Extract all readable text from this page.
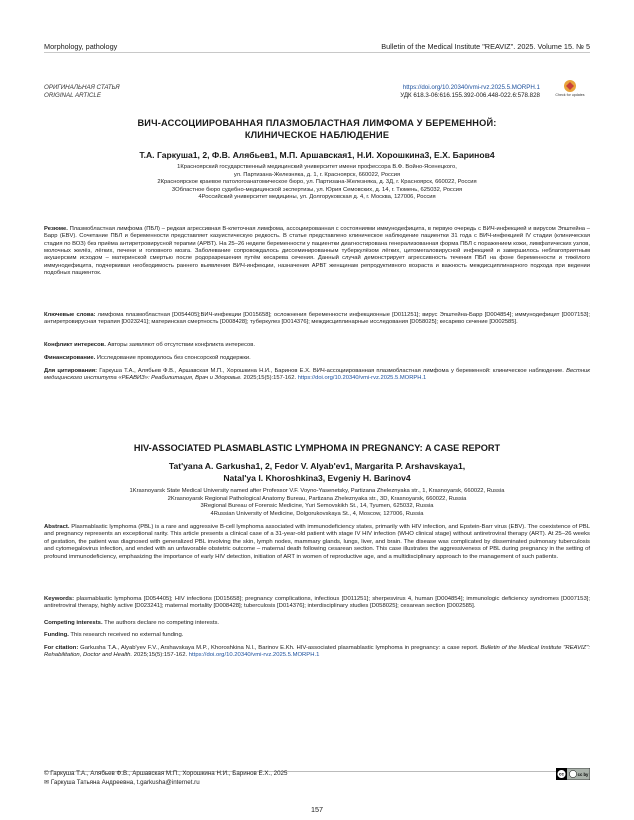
Morphology, pathology	Bulletin of the Medical Institute "REAVIZ". 2025. Volume 15. № 5
ОРИГИНАЛЬНАЯ СТАТЬЯ
ORIGINAL ARTICLE
https://doi.org/10.20340/vmi-rvz.2025.5.MORPH.1
УДК 618.3-06:616.155.392-006.448-022.6:578.828	Check for updates
ВИЧ-АССОЦИИРОВАННАЯ ПЛАЗМОБЛАСТНАЯ ЛИМФОМА У БЕРЕМЕННОЙ:
КЛИНИЧЕСКОЕ НАБЛЮДЕНИЕ
Т.А. Гаркуша1, 2, Ф.В. Алябьев1, М.П. Аршавская1, Н.И. Хорошкина3, Е.Х. Баринов4
1Красноярский государственный медицинский университет имени профессора В.Ф. Войно-Ясенецкого,
ул. Партизана-Железняка, д. 1, г. Красноярск, 660022, Россия
2Красноярское краевое патологоанатомическое бюро, ул. Партизана-Железняка, д. 3Д, г. Красноярск, 660022, Россия
3Областное бюро судебно-медицинской экспертизы, ул. Юрия Семовских, д. 14, г. Тюмень, 625032, Россия
4Российский университет медицины, ул. Долгоруковская д. 4, г. Москва, 127006, Россия
Резюме. Плазмобластная лимфома (ПБЛ) – редкая агрессивная В-клеточная лимфома, ассоциированная с состояниями иммунодефицита, в первую очередь с ВИЧ-инфекцией и вирусом Эпштейна – Барр (EBV). Сочетание ПБЛ и беременности представляет казуистическую редкость. В статье представлено клиническое наблюдение пациентки 31 года с ВИЧ-инфекцией IV стадии (клиническая стадия по ВОЗ) без приёма антиретровирусной терапии (АРВТ). На 25–26 неделе беременности у пациентки диагностирована генерализованная форма ПБЛ с поражением кожи, лимфатических узлов, молочных желёз, лёгких, печени и головного мозга. Заболевание сопровождалось диссеминированным туберкулёзом лёгких, цитомегаловирусной инфекцией и завершилось неблагоприятным акушерским исходом – материнской смертью после родоразрешения путём кесарева сечения. Данный случай демонстрирует агрессивность течения ПБЛ на фоне беременности и тяжёлого иммунодефицита, подчеркивая необходимость раннего выявления ВИЧ-инфекции, назначения АРВТ женщинам репродуктивного возраста и важность междисциплинарного подхода при ведении подобных пациенток.
Ключевые слова: лимфома плазмобластная [D054405];ВИЧ-инфекции [D015658]; осложнения беременности инфекционные [D011251]; вирус Эпштейна-Барр [D004854]; иммунодефицит [D007153]; антиретровирусная терапия [D023241]; материнская смертность [D008428]; туберкулез [D014376]; междисциплинарные исследования [D058025]; кесарево сечение [D002585].
Конфликт интересов. Авторы заявляют об отсутствии конфликта интересов.
Финансирование. Исследование проводилось без спонсорской поддержки.
Для цитирования: Гаркуша Т.А., Алябьев Ф.В., Аршавская М.П., Хорошкина Н.И., Баринов Е.Х. ВИЧ-ассоциированная плазмобластная лимфома у беременной: клиническое наблюдение. Вестник медицинского института «РЕАВИЗ»: Реабилитация, Врач и Здоровье. 2025;15(5):157-162. https://doi.org/10.20340/vmi-rvz.2025.5.MORPH.1
HIV-ASSOCIATED PLASMABLASTIC LYMPHOMA IN PREGNANCY: A CASE REPORT
Tat'yana A. Garkusha1, 2, Fedor V. Alyab'ev1, Margarita P. Arshavskaya1,
Natal'ya I. Khoroshkina3, Evgeniy H. Barinov4
1Krasnoyarsk State Medical University named after Professor V.F. Voyno-Yasenetsky, Partizana Zheleznyaka str., 1, Krasnoyarsk, 660022, Russia
2Krasnoyarsk Regional Pathological Anatomy Bureau, Partizana Zheleznyaka str., 3D, Krasnoyarsk, 660022, Russia
3Regional Bureau of Forensic Medicine, Yuri Semovskikh St., 14, Tyumen, 625032, Russia
4Russian University of Medicine, Dolgorukovskaya St., 4, Moscow, 127006, Russia
Abstract. Plasmablastic lymphoma (PBL) is a rare and aggressive B-cell lymphoma associated with immunodeficiency states, primarily with HIV infection, and Epstein-Barr virus (EBV). The coexistence of PBL and pregnancy represents an exceptional rarity. This article presents a clinical case of a 31-year-old patient with stage IV HIV infection (WHO clinical stage) without antiretroviral therapy (ART). At 25–26 weeks of gestation, the patient was diagnosed with generalized PBL involving the skin, lymph nodes, mammary glands, lungs, liver, and brain. The disease was complicated by disseminated pulmonary tuberculosis and cytomegalovirus infection, and ended with an unfavorable obstetric outcome – maternal death following cesarean section. This case illustrates the aggressiveness of PBL during pregnancy in the setting of profound immunodeficiency, emphasizing the importance of early HIV detection, initiation of ART in women of reproductive age, and a multidisciplinary approach to the management of such patients.
Keywords: plasmablastic lymphoma [D054405]; HIV infections [D015658]; pregnancy complications, infectious [D011251]; sherpesvirus 4, human [D004854]; immunologic deficiency syndromes [D007153]; antiretroviral therapy, highly active [D023241]; maternal mortality [D008428]; tuberculosis [D014376]; interdisciplinary studies [D058025]; cesarean section [D002585].
Competing interests. The authors declare no competing interests.
Funding. This research received no external funding.
For citation: Garkusha T.A., Alyab'yev F.V., Arshavskaya M.P., Khoroshkina N.I., Barinov E.Kh. HIV-associated plasmablastic lymphoma in pregnancy: a case report. Bulletin of the Medical Institute "REAVIZ": Rehabilitation, Doctor and Health. 2025;15(5):157-162. https://doi.org/10.20340/vmi-rvz.2025.5.MORPH.1
© Гаркуша Т.А., Алябьев Ф.В., Аршавская М.П., Хорошкина Н.И., Баринов Е.Х., 2025
✉ Гаркуша Татьяна Андреевна, t.garkusha@internet.ru
cc	cc by
157
